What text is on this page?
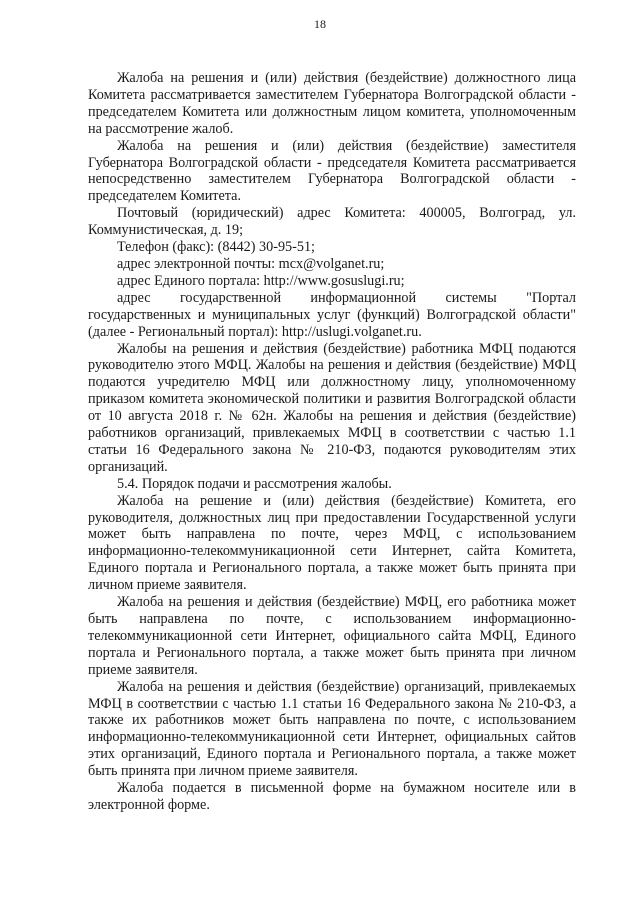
18

Жалоба на решения и (или) действия (бездействие) должностного лица Комитета рассматривается заместителем Губернатора Волгоградской области - председателем Комитета или должностным лицом комитета, уполномоченным на рассмотрение жалоб.

Жалоба на решения и (или) действия (бездействие) заместителя Губернатора Волгоградской области - председателя Комитета рассматривается непосредственно заместителем Губернатора Волгоградской области - председателем Комитета.

Почтовый (юридический) адрес Комитета: 400005, Волгоград, ул. Коммунистическая, д. 19;

Телефон (факс): (8442) 30-95-51;

адрес электронной почты: mcx@volganet.ru;

адрес Единого портала: http://www.gosuslugi.ru;

адрес государственной информационной системы "Портал государственных и муниципальных услуг (функций) Волгоградской области" (далее - Региональный портал): http://uslugi.volganet.ru.

Жалобы на решения и действия (бездействие) работника МФЦ подаются руководителю этого МФЦ. Жалобы на решения и действия (бездействие) МФЦ подаются учредителю МФЦ или должностному лицу, уполномоченному приказом комитета экономической политики и развития Волгоградской области от 10 августа 2018 г. № 62н. Жалобы на решения и действия (бездействие) работников организаций, привлекаемых МФЦ в соответствии с частью 1.1 статьи 16 Федерального закона № 210-ФЗ, подаются руководителям этих организаций.

5.4. Порядок подачи и рассмотрения жалобы.

Жалоба на решение и (или) действия (бездействие) Комитета, его руководителя, должностных лиц при предоставлении Государственной услуги может быть направлена по почте, через МФЦ, с использованием информационно-телекоммуникационной сети Интернет, сайта Комитета, Единого портала и Регионального портала, а также может быть принята при личном приеме заявителя.

Жалоба на решения и действия (бездействие) МФЦ, его работника может быть направлена по почте, с использованием информационно-телекоммуникационной сети Интернет, официального сайта МФЦ, Единого портала и Регионального портала, а также может быть принята при личном приеме заявителя.

Жалоба на решения и действия (бездействие) организаций, привлекаемых МФЦ в соответствии с частью 1.1 статьи 16 Федерального закона № 210-ФЗ, а также их работников может быть направлена по почте, с использованием информационно-телекоммуникационной сети Интернет, официальных сайтов этих организаций, Единого портала и Регионального портала, а также может быть принята при личном приеме заявителя.

Жалоба подается в письменной форме на бумажном носителе или в электронной форме.
